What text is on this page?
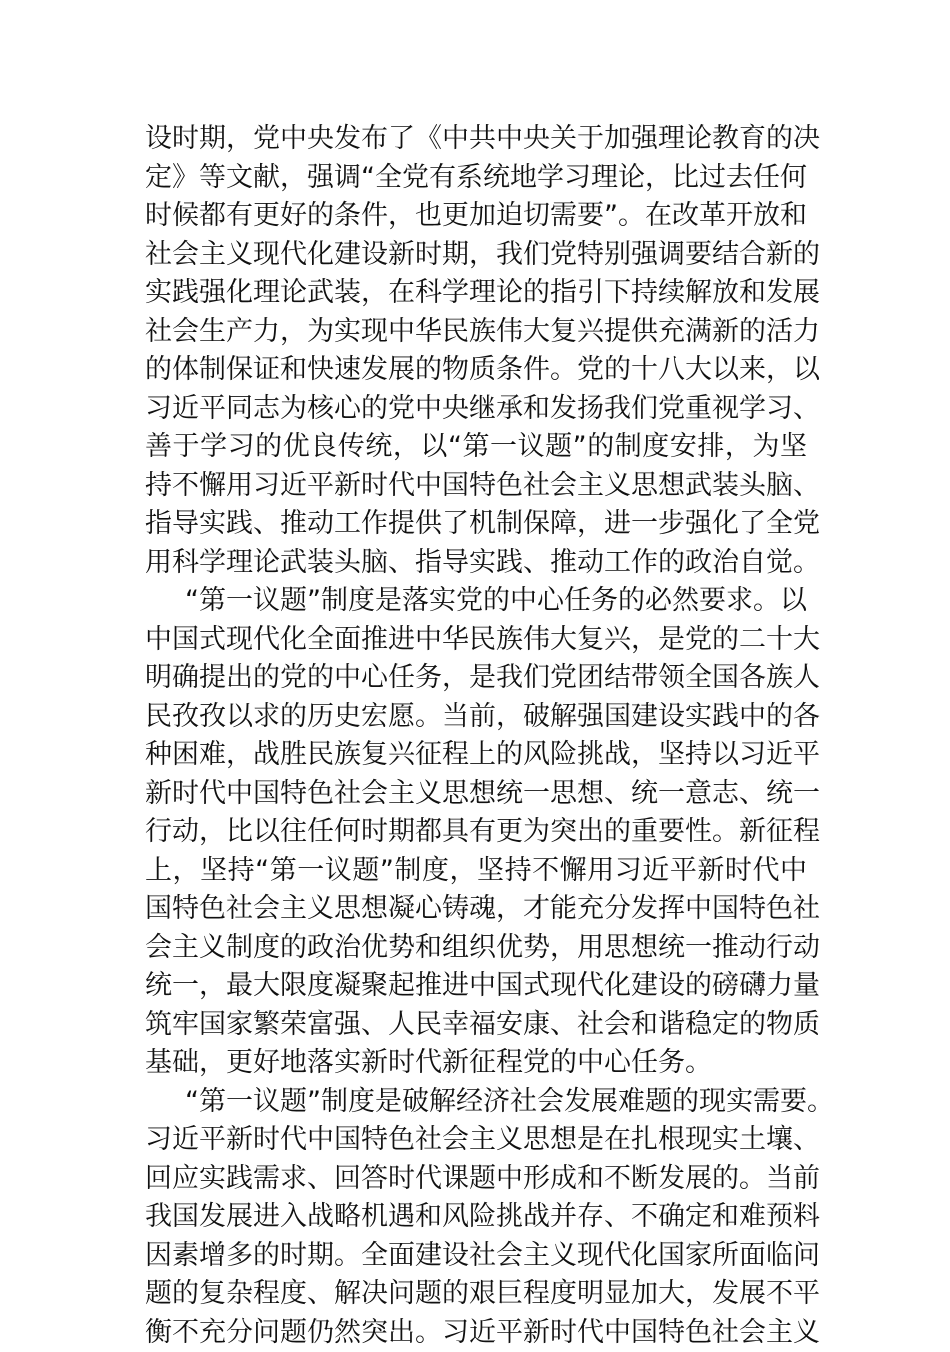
设时期，党中央发布了《中共中央关于加强理论教育的决
定》等文献，强调“全党有系统地学习理论，比过去任何
时候都有更好的条件，也更加迫切需要”。在改革开放和
社会主义现代化建设新时期，我们党特别强调要结合新的
实践强化理论武装，在科学理论的指引下持续解放和发展
社会生产力，为实现中华民族伟大复兴提供充满新的活力
的体制保证和快速发展的物质条件。党的十八大以来，以
习近平同志为核心的党中央继承和发扬我们党重视学习、
善于学习的优良传统，以“第一议题”的制度安排，为坚
持不懈用习近平新时代中国特色社会主义思想武装头脑、
指导实践、推动工作提供了机制保障，进一步强化了全党
用科学理论武装头脑、指导实践、推动工作的政治自觉。
“第一议题”制度是落实党的中心任务的必然要求。以
中国式现代化全面推进中华民族伟大复兴，是党的二十大
明确提出的党的中心任务，是我们党团结带领全国各族人
民孜孜以求的历史宏愿。当前，破解强国建设实践中的各
种困难，战胜民族复兴征程上的风险挑战，坚持以习近平
新时代中国特色社会主义思想统一思想、统一意志、统一
行动，比以往任何时期都具有更为突出的重要性。新征程
上，坚持“第一议题”制度，坚持不懈用习近平新时代中
国特色社会主义思想凝心铸魂，才能充分发挥中国特色社
会主义制度的政治优势和组织优势，用思想统一推动行动
统一，最大限度凝聚起推进中国式现代化建设的磅礴力量
筑牢国家繁荣富强、人民幸福安康、社会和谐稳定的物质
基础，更好地落实新时代新征程党的中心任务。
“第一议题”制度是破解经济社会发展难题的现实需要。
习近平新时代中国特色社会主义思想是在扎根现实土壤、
回应实践需求、回答时代课题中形成和不断发展的。当前
我国发展进入战略机遇和风险挑战并存、不确定和难预料
因素增多的时期。全面建设社会主义现代化国家所面临问
题的复杂程度、解决问题的艰巨程度明显加大，发展不平
衡不充分问题仍然突出。习近平新时代中国特色社会主义
